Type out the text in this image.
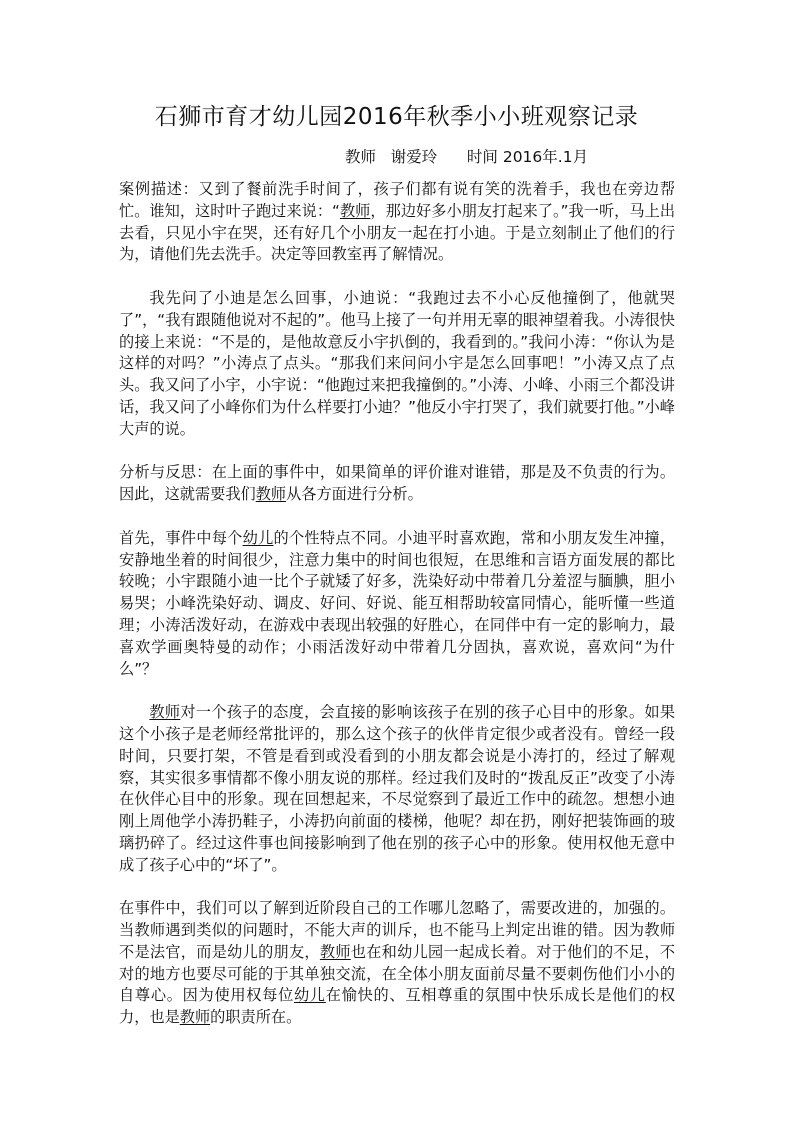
石狮市育才幼儿园2016年秋季小小班观察记录
教师 谢爱玲 时间 2016年.1月

案例描述：又到了餐前洗手时间了，孩子们都有说有笑的洗着手，我也在旁边帮忙。谁知，这时叶子跑过来说：“教师，那边好多小朋友打起来了。”我一听，马上出去看，只见小宇在哭，还有好几个小朋友一起在打小迪。于是立刻制止了他们的行为，请他们先去洗手。决定等回教室再了解情况。

我先问了小迪是怎么回事，小迪说：“我跑过去不小心反他撞倒了，他就哭了”，“我有跟随他说对不起的”。他马上接了一句并用无辜的眼神望着我。小涛很快的接上来说：“不是的，是他故意反小宇扒倒的，我看到的。”我问小涛：“你认为是这样的对吗？”小涛点了点头。“那我们来问问小宇是怎么回事吧！”小涛又点了点头。我又问了小宇，小宇说：“他跑过来把我撞倒的。”小涛、小峰、小雨三个都没讲话，我又问了小峰你们为什么样要打小迪？”他反小宇打哭了，我们就要打他。”小峰大声的说。

分析与反思：在上面的事件中，如果简单的评价谁对谁错，那是及不负责的行为。因此，这就需要我们教师从各方面进行分析。

首先，事件中每个幼儿的个性特点不同。小迪平时喜欢跑，常和小朋友发生冲撞，安静地坐着的时间很少，注意力集中的时间也很短，在思维和言语方面发展的都比较晚；小宇跟随小迪一比个子就矮了好多，洗染好动中带着几分羞涩与腼腆，胆小易哭；小峰洗染好动、调皮、好问、好说、能互相帮助较富同情心，能听懂一些道理；小涛活泼好动，在游戏中表现出较强的好胜心，在同伴中有一定的影响力，最喜欢学画奥特曼的动作；小雨活泼好动中带着几分固执，喜欢说，喜欢问“为什么”？

教师对一个孩子的态度，会直接的影响该孩子在别的孩子心目中的形象。如果这个小孩子是老师经常批评的，那么这个孩子的伙伴肯定很少或者没有。曾经一段时间，只要打架，不管是看到或没看到的小朋友都会说是小涛打的，经过了解观察，其实很多事情都不像小朋友说的那样。经过我们及时的“拨乱反正”改变了小涛在伙伴心目中的形象。现在回想起来，不尽觉察到了最近工作中的疏忽。想想小迪刚上周他学小涛扔鞋子，小涛扔向前面的楼梯，他呢？却在扔，刚好把装饰画的玻璃扔碎了。经过这件事也间接影响到了他在别的孩子心中的形象。使用权他无意中成了孩子心中的“坏了”。

在事件中，我们可以了解到近阶段自己的工作哪儿忽略了，需要改进的，加强的。当教师遇到类似的问题时，不能大声的训斥，也不能马上判定出谁的错。因为教师不是法官，而是幼儿的朋友，教师也在和幼儿园一起成长着。对于他们的不足，不对的地方也要尽可能的于其单独交流，在全体小朋友面前尽量不要刺伤他们小小的自尊心。因为使用权每位幼儿在愉快的、互相尊重的氛围中快乐成长是他们的权力，也是教师的职责所在。
